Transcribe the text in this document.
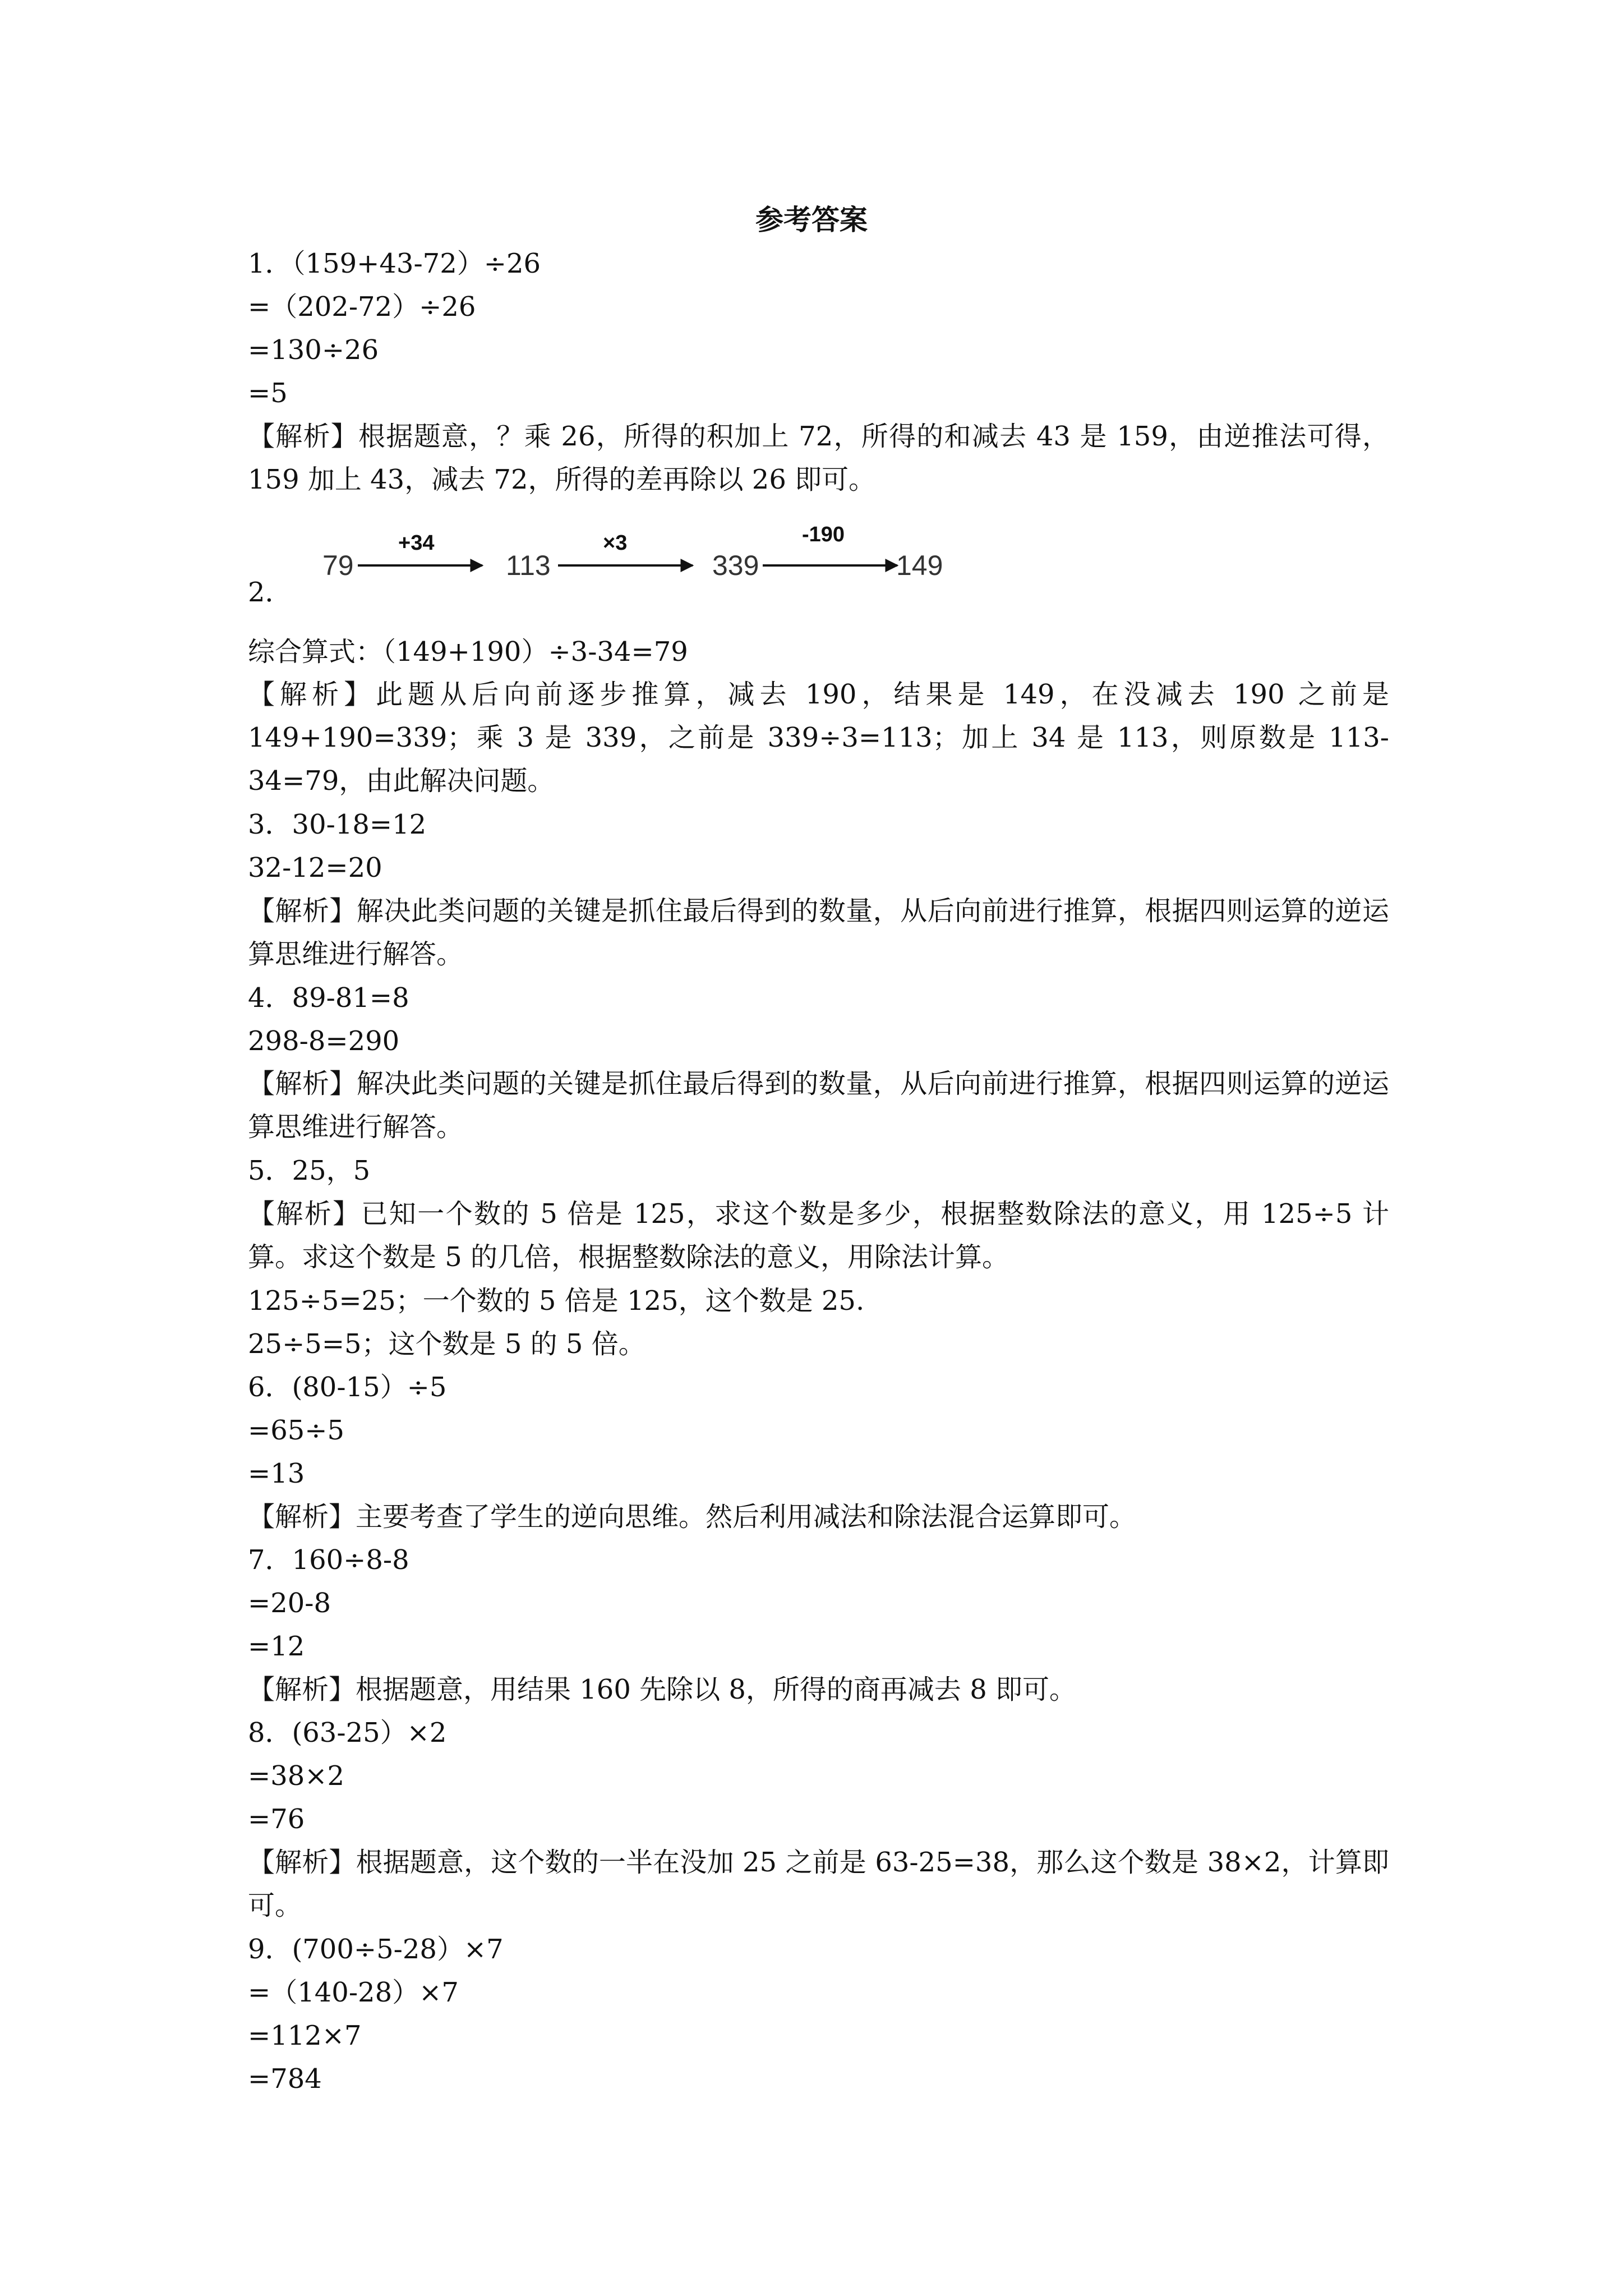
参考答案
1．（159+43-72）÷26
=（202-72）÷26
=130÷26
=5
【解析】根据题意，？乘 26，所得的积加上 72，所得的和减去 43 是 159，由逆推法可得，159 加上 43，减去 72，所得的差再除以 26 即可。
2．
79
+34
113
×3
339
-190
149
综合算式：（149+190）÷3-34=79
【解析】此题从后向前逐步推算，减去 190，结果是 149，在没减去 190 之前是 149+190=339；乘 3 是 339，之前是 339÷3=113；加上 34 是 113，则原数是 113-34=79，由此解决问题。
3．30-18=12
32-12=20
【解析】解决此类问题的关键是抓住最后得到的数量，从后向前进行推算，根据四则运算的逆运算思维进行解答。
4．89-81=8
298-8=290
【解析】解决此类问题的关键是抓住最后得到的数量，从后向前进行推算，根据四则运算的逆运算思维进行解答。
5．25，5
【解析】已知一个数的 5 倍是 125，求这个数是多少，根据整数除法的意义，用 125÷5 计算。求这个数是 5 的几倍，根据整数除法的意义，用除法计算。
125÷5=25；一个数的 5 倍是 125，这个数是 25.
25÷5=5；这个数是 5 的 5 倍。
6．(80-15）÷5
=65÷5
=13
【解析】主要考查了学生的逆向思维。然后利用减法和除法混合运算即可。
7．160÷8-8
=20-8
=12
【解析】根据题意，用结果 160 先除以 8，所得的商再减去 8 即可。
8．(63-25）×2
=38×2
=76
【解析】根据题意，这个数的一半在没加 25 之前是 63-25=38，那么这个数是 38×2，计算即可。
9．(700÷5-28）×7
=（140-28）×7
=112×7
=784
